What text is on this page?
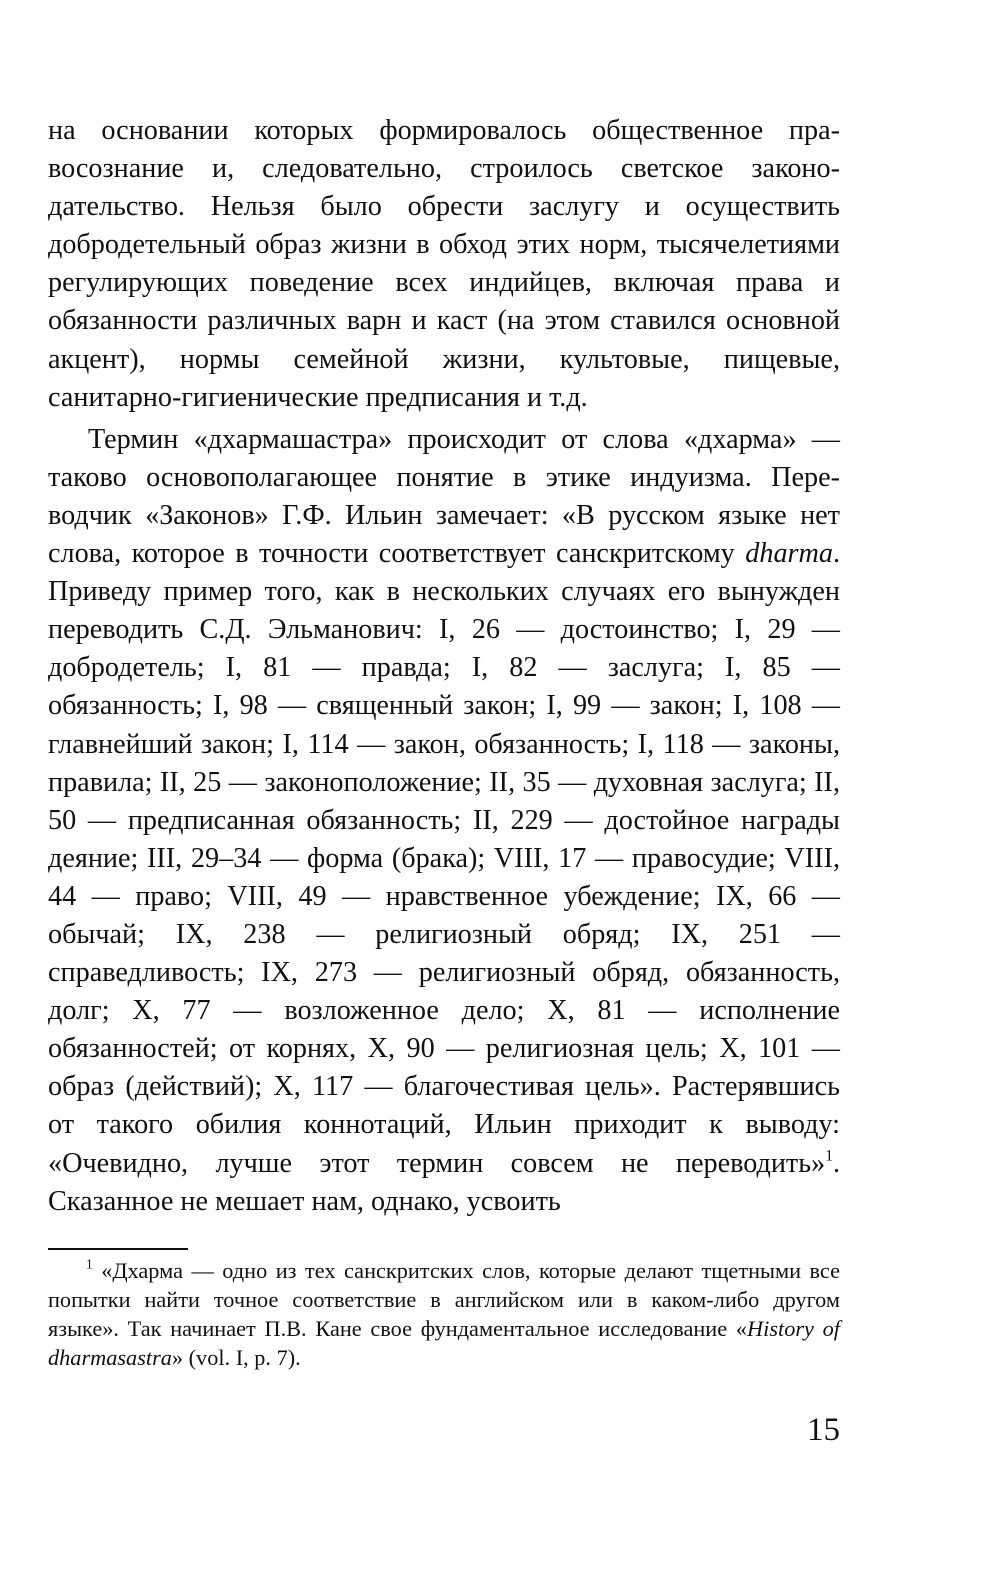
на основании которых формировалось общественное правосознание и, следовательно, строилось светское законодательство. Нельзя было обрести заслугу и осуществить добродетельный образ жизни в обход этих норм, тысячелетиями регулирующих поведение всех индийцев, включая права и обязанности различных варн и каст (на этом ставился основной акцент), нормы семейной жизни, культовые, пищевые, санитарно-гигиенические предписания и т.д.

Термин «дхармашастра» происходит от слова «дхарма» — таково основополагающее понятие в этике индуизма. Переводчик «Законов» Г.Ф. Ильин замечает: «В русском языке нет слова, которое в точности соответствует санскритскому dharma. Приведу пример того, как в нескольких случаях его вынужден переводить С.Д. Эльманович: I, 26 — достоинство; I, 29 — добродетель; I, 81 — правда; I, 82 — заслуга; I, 85 — обязанность; I, 98 — священный закон; I, 99 — закон; I, 108 — главнейший закон; I, 114 — закон, обязанность; I, 118 — законы, правила; II, 25 — законоположение; II, 35 — духовная заслуга; II, 50 — предписанная обязанность; II, 229 — достойное награды деяние; III, 29–34 — форма (брака); VIII, 17 — правосудие; VIII, 44 — право; VIII, 49 — нравственное убеждение; IX, 66 — обычай; IX, 238 — религиозный обряд; IX, 251 — справедливость; IX, 273 — религиозный обряд, обязанность, долг; X, 77 — возложенное дело; X, 81 — исполнение обязанностей; от корнях, X, 90 — религиозная цель; X, 101 — образ (действий); X, 117 — благочестивая цель». Растерявшись от такого обилия коннотаций, Ильин приходит к выводу: «Очевидно, лучше этот термин совсем не переводить»$^1$. Сказанное не мешает нам, однако, усвоить

$^1$ «Дхарма — одно из тех санскритских слов, которые делают тщетными все попытки найти точное соответствие в английском или в каком-либо другом языке». Так начинает П.В. Кане свое фундаментальное исследование «History of dharmasastra» (vol. I, p. 7).

15
